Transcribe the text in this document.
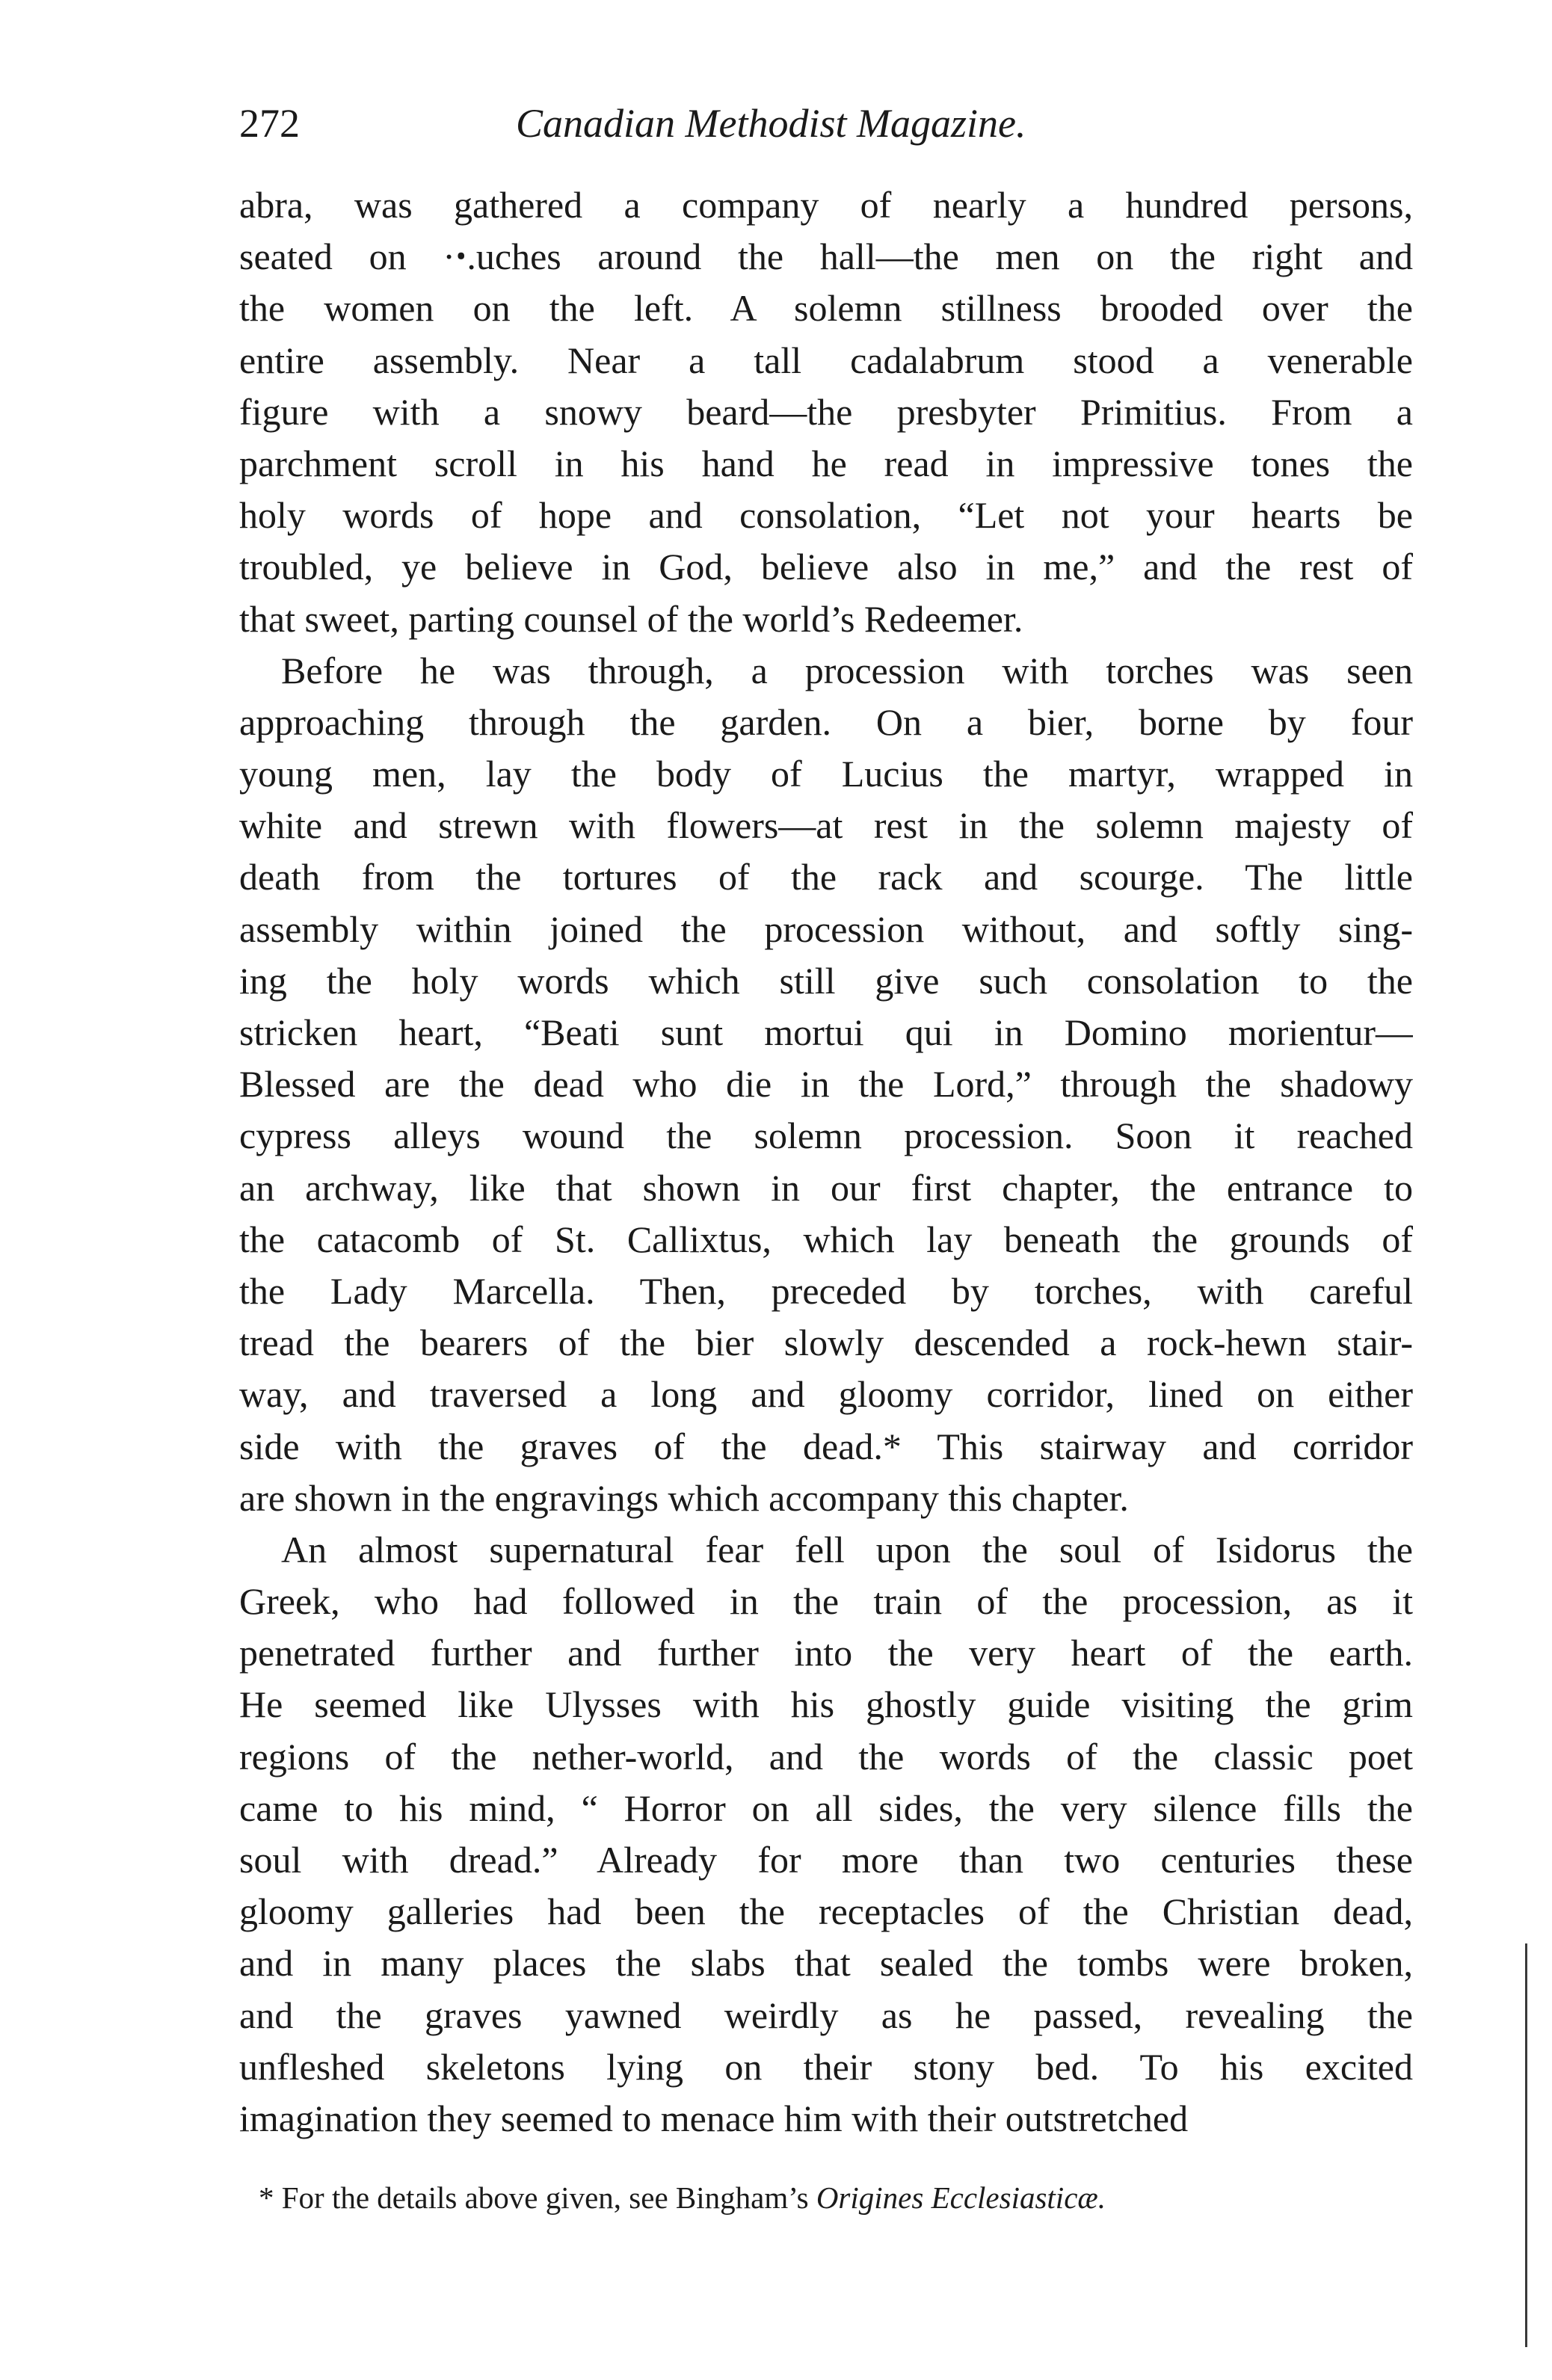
272	Canadian Methodist Magazine.
abra, was gathered a company of nearly a hundred persons,
seated on ·ꞏ.uches around the hall—the men on the right and
the women on the left. A solemn stillness brooded over the
entire assembly. Near a tall cadalabrum stood a venerable
figure with a snowy beard—the presbyter Primitius. From a
parchment scroll in his hand he read in impressive tones the
holy words of hope and consolation, “Let not your hearts be
troubled, ye believe in God, believe also in me,” and the rest of
that sweet, parting counsel of the world’s Redeemer.
Before he was through, a procession with torches was seen
approaching through the garden. On a bier, borne by four
young men, lay the body of Lucius the martyr, wrapped in
white and strewn with flowers—at rest in the solemn majesty of
death from the tortures of the rack and scourge. The little
assembly within joined the procession without, and softly sing-
ing the holy words which still give such consolation to the
stricken heart, “Beati sunt mortui qui in Domino morientur—
Blessed are the dead who die in the Lord,” through the shadowy
cypress alleys wound the solemn procession. Soon it reached
an archway, like that shown in our first chapter, the entrance to
the catacomb of St. Callixtus, which lay beneath the grounds of
the Lady Marcella. Then, preceded by torches, with careful
tread the bearers of the bier slowly descended a rock-hewn stair-
way, and traversed a long and gloomy corridor, lined on either
side with the graves of the dead.* This stairway and corridor
are shown in the engravings which accompany this chapter.
An almost supernatural fear fell upon the soul of Isidorus the
Greek, who had followed in the train of the procession, as it
penetrated further and further into the very heart of the earth.
He seemed like Ulysses with his ghostly guide visiting the grim
regions of the nether-world, and the words of the classic poet
came to his mind, “ Horror on all sides, the very silence fills the
soul with dread.” Already for more than two centuries these
gloomy galleries had been the receptacles of the Christian dead,
and in many places the slabs that sealed the tombs were broken,
and the graves yawned weirdly as he passed, revealing the
unfleshed skeletons lying on their stony bed. To his excited
imagination they seemed to menace him with their outstretched
* For the details above given, see Bingham’s Origines Ecclesiasticæ.
